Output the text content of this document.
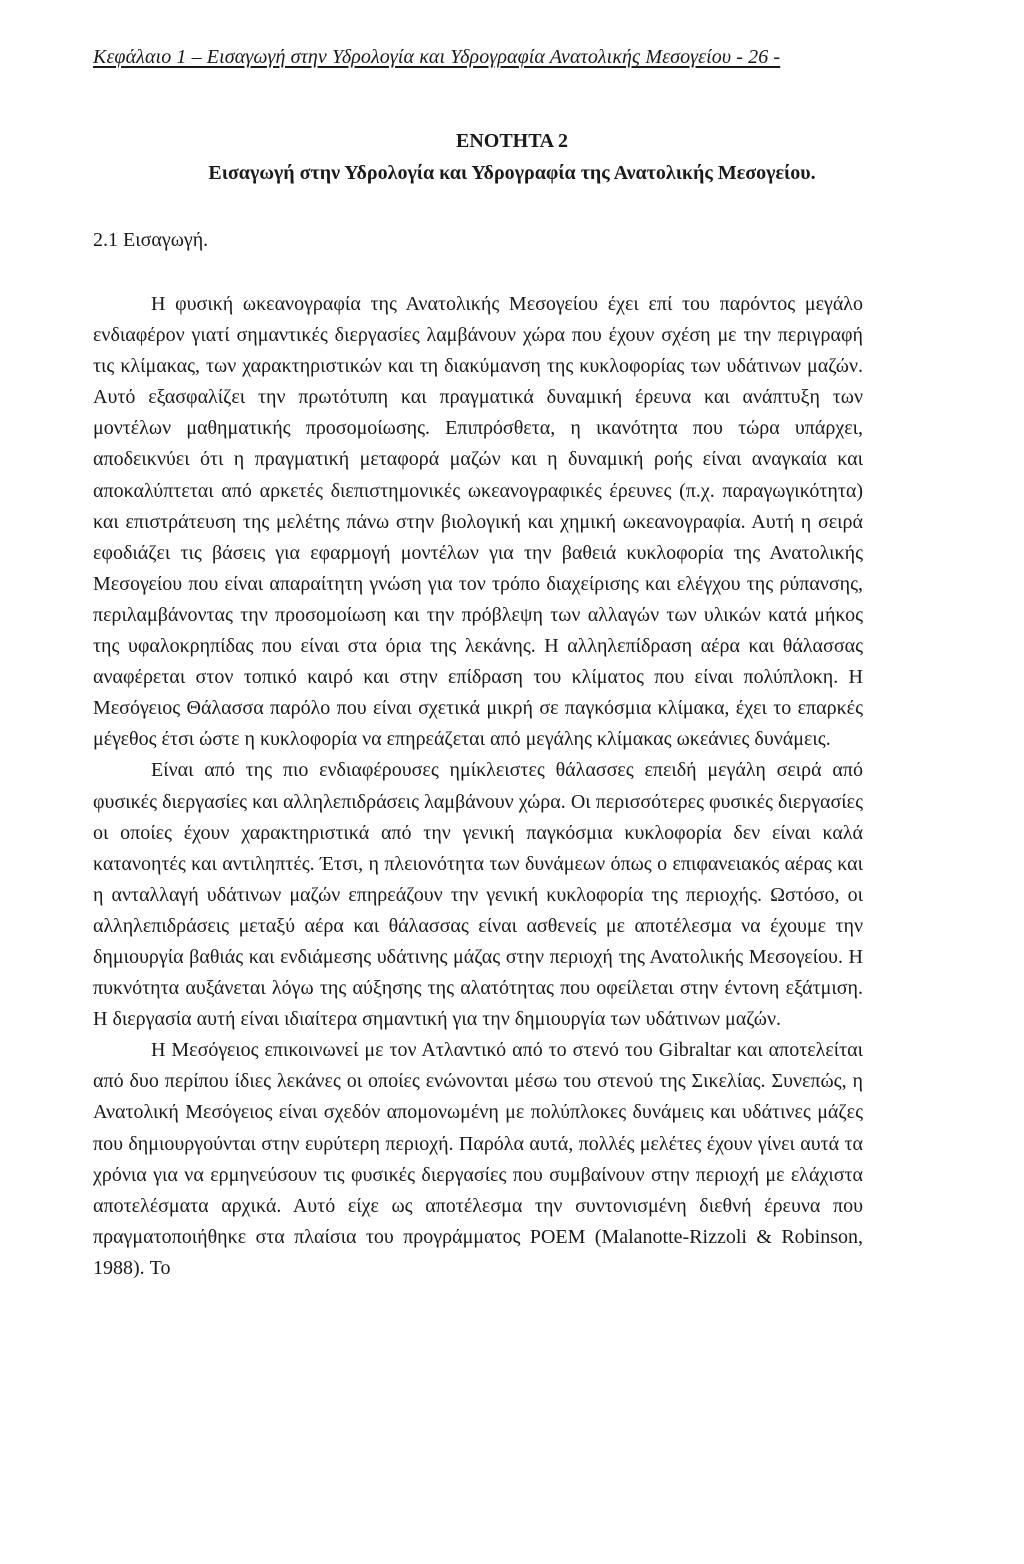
Κεφάλαιο 1 – Εισαγωγή στην Υδρολογία και Υδρογραφία Ανατολικής Μεσογείου - 26 -
ΕΝΟΤΗΤΑ 2
Εισαγωγή στην Υδρολογία και Υδρογραφία της Ανατολικής Μεσογείου.
2.1 Εισαγωγή.

Η φυσική ωκεανογραφία της Ανατολικής Μεσογείου έχει επί του παρόντος μεγάλο ενδιαφέρον γιατί σημαντικές διεργασίες λαμβάνουν χώρα που έχουν σχέση με την περιγραφή τις κλίμακας, των χαρακτηριστικών και τη διακύμανση της κυκλοφορίας των υδάτινων μαζών. Αυτό εξασφαλίζει την πρωτότυπη και πραγματικά δυναμική έρευνα και ανάπτυξη των μοντέλων μαθηματικής προσομοίωσης. Επιπρόσθετα, η ικανότητα που τώρα υπάρχει, αποδεικνύει ότι η πραγματική μεταφορά μαζών και η δυναμική ροής είναι αναγκαία και αποκαλύπτεται από αρκετές διεπιστημονικές ωκεανογραφικές έρευνες (π.χ. παραγωγικότητα) και επιστράτευση της μελέτης πάνω στην βιολογική και χημική ωκεανογραφία. Αυτή η σειρά εφοδιάζει τις βάσεις για εφαρμογή μοντέλων για την βαθειά κυκλοφορία της Ανατολικής Μεσογείου που είναι απαραίτητη γνώση για τον τρόπο διαχείρισης και ελέγχου της ρύπανσης, περιλαμβάνοντας την προσομοίωση και την πρόβλεψη των αλλαγών των υλικών κατά μήκος της υφαλοκρηπίδας που είναι στα όρια της λεκάνης. Η αλληλεπίδραση αέρα και θάλασσας αναφέρεται στον τοπικό καιρό και στην επίδραση του κλίματος που είναι πολύπλοκη. Η Μεσόγειος Θάλασσα παρόλο που είναι σχετικά μικρή σε παγκόσμια κλίμακα, έχει το επαρκές μέγεθος έτσι ώστε η κυκλοφορία να επηρεάζεται από μεγάλης κλίμακας ωκεάνιες δυνάμεις.

Είναι από της πιο ενδιαφέρουσες ημίκλειστες θάλασσες επειδή μεγάλη σειρά από φυσικές διεργασίες και αλληλεπιδράσεις λαμβάνουν χώρα. Οι περισσότερες φυσικές διεργασίες οι οποίες έχουν χαρακτηριστικά από την γενική παγκόσμια κυκλοφορία δεν είναι καλά κατανοητές και αντιληπτές. Έτσι, η πλειονότητα των δυνάμεων όπως ο επιφανειακός αέρας και η ανταλλαγή υδάτινων μαζών επηρεάζουν την γενική κυκλοφορία της περιοχής. Ωστόσο, οι αλληλεπιδράσεις μεταξύ αέρα και θάλασσας είναι ασθενείς με αποτέλεσμα να έχουμε την δημιουργία βαθιάς και ενδιάμεσης υδάτινης μάζας στην περιοχή της Ανατολικής Μεσογείου. Η πυκνότητα αυξάνεται λόγω της αύξησης της αλατότητας που οφείλεται στην έντονη εξάτμιση. Η διεργασία αυτή είναι ιδιαίτερα σημαντική για την δημιουργία των υδάτινων μαζών.

Η Μεσόγειος επικοινωνεί με τον Ατλαντικό από το στενό του Gibraltar και αποτελείται από δυο περίπου ίδιες λεκάνες οι οποίες ενώνονται μέσω του στενού της Σικελίας. Συνεπώς, η Ανατολική Μεσόγειος είναι σχεδόν απομονωμένη με πολύπλοκες δυνάμεις και υδάτινες μάζες που δημιουργούνται στην ευρύτερη περιοχή. Παρόλα αυτά, πολλές μελέτες έχουν γίνει αυτά τα χρόνια για να ερμηνεύσουν τις φυσικές διεργασίες που συμβαίνουν στην περιοχή με ελάχιστα αποτελέσματα αρχικά. Αυτό είχε ως αποτέλεσμα την συντονισμένη διεθνή έρευνα που πραγματοποιήθηκε στα πλαίσια του προγράμματος POEM (Malanotte-Rizzoli & Robinson, 1988). Το
